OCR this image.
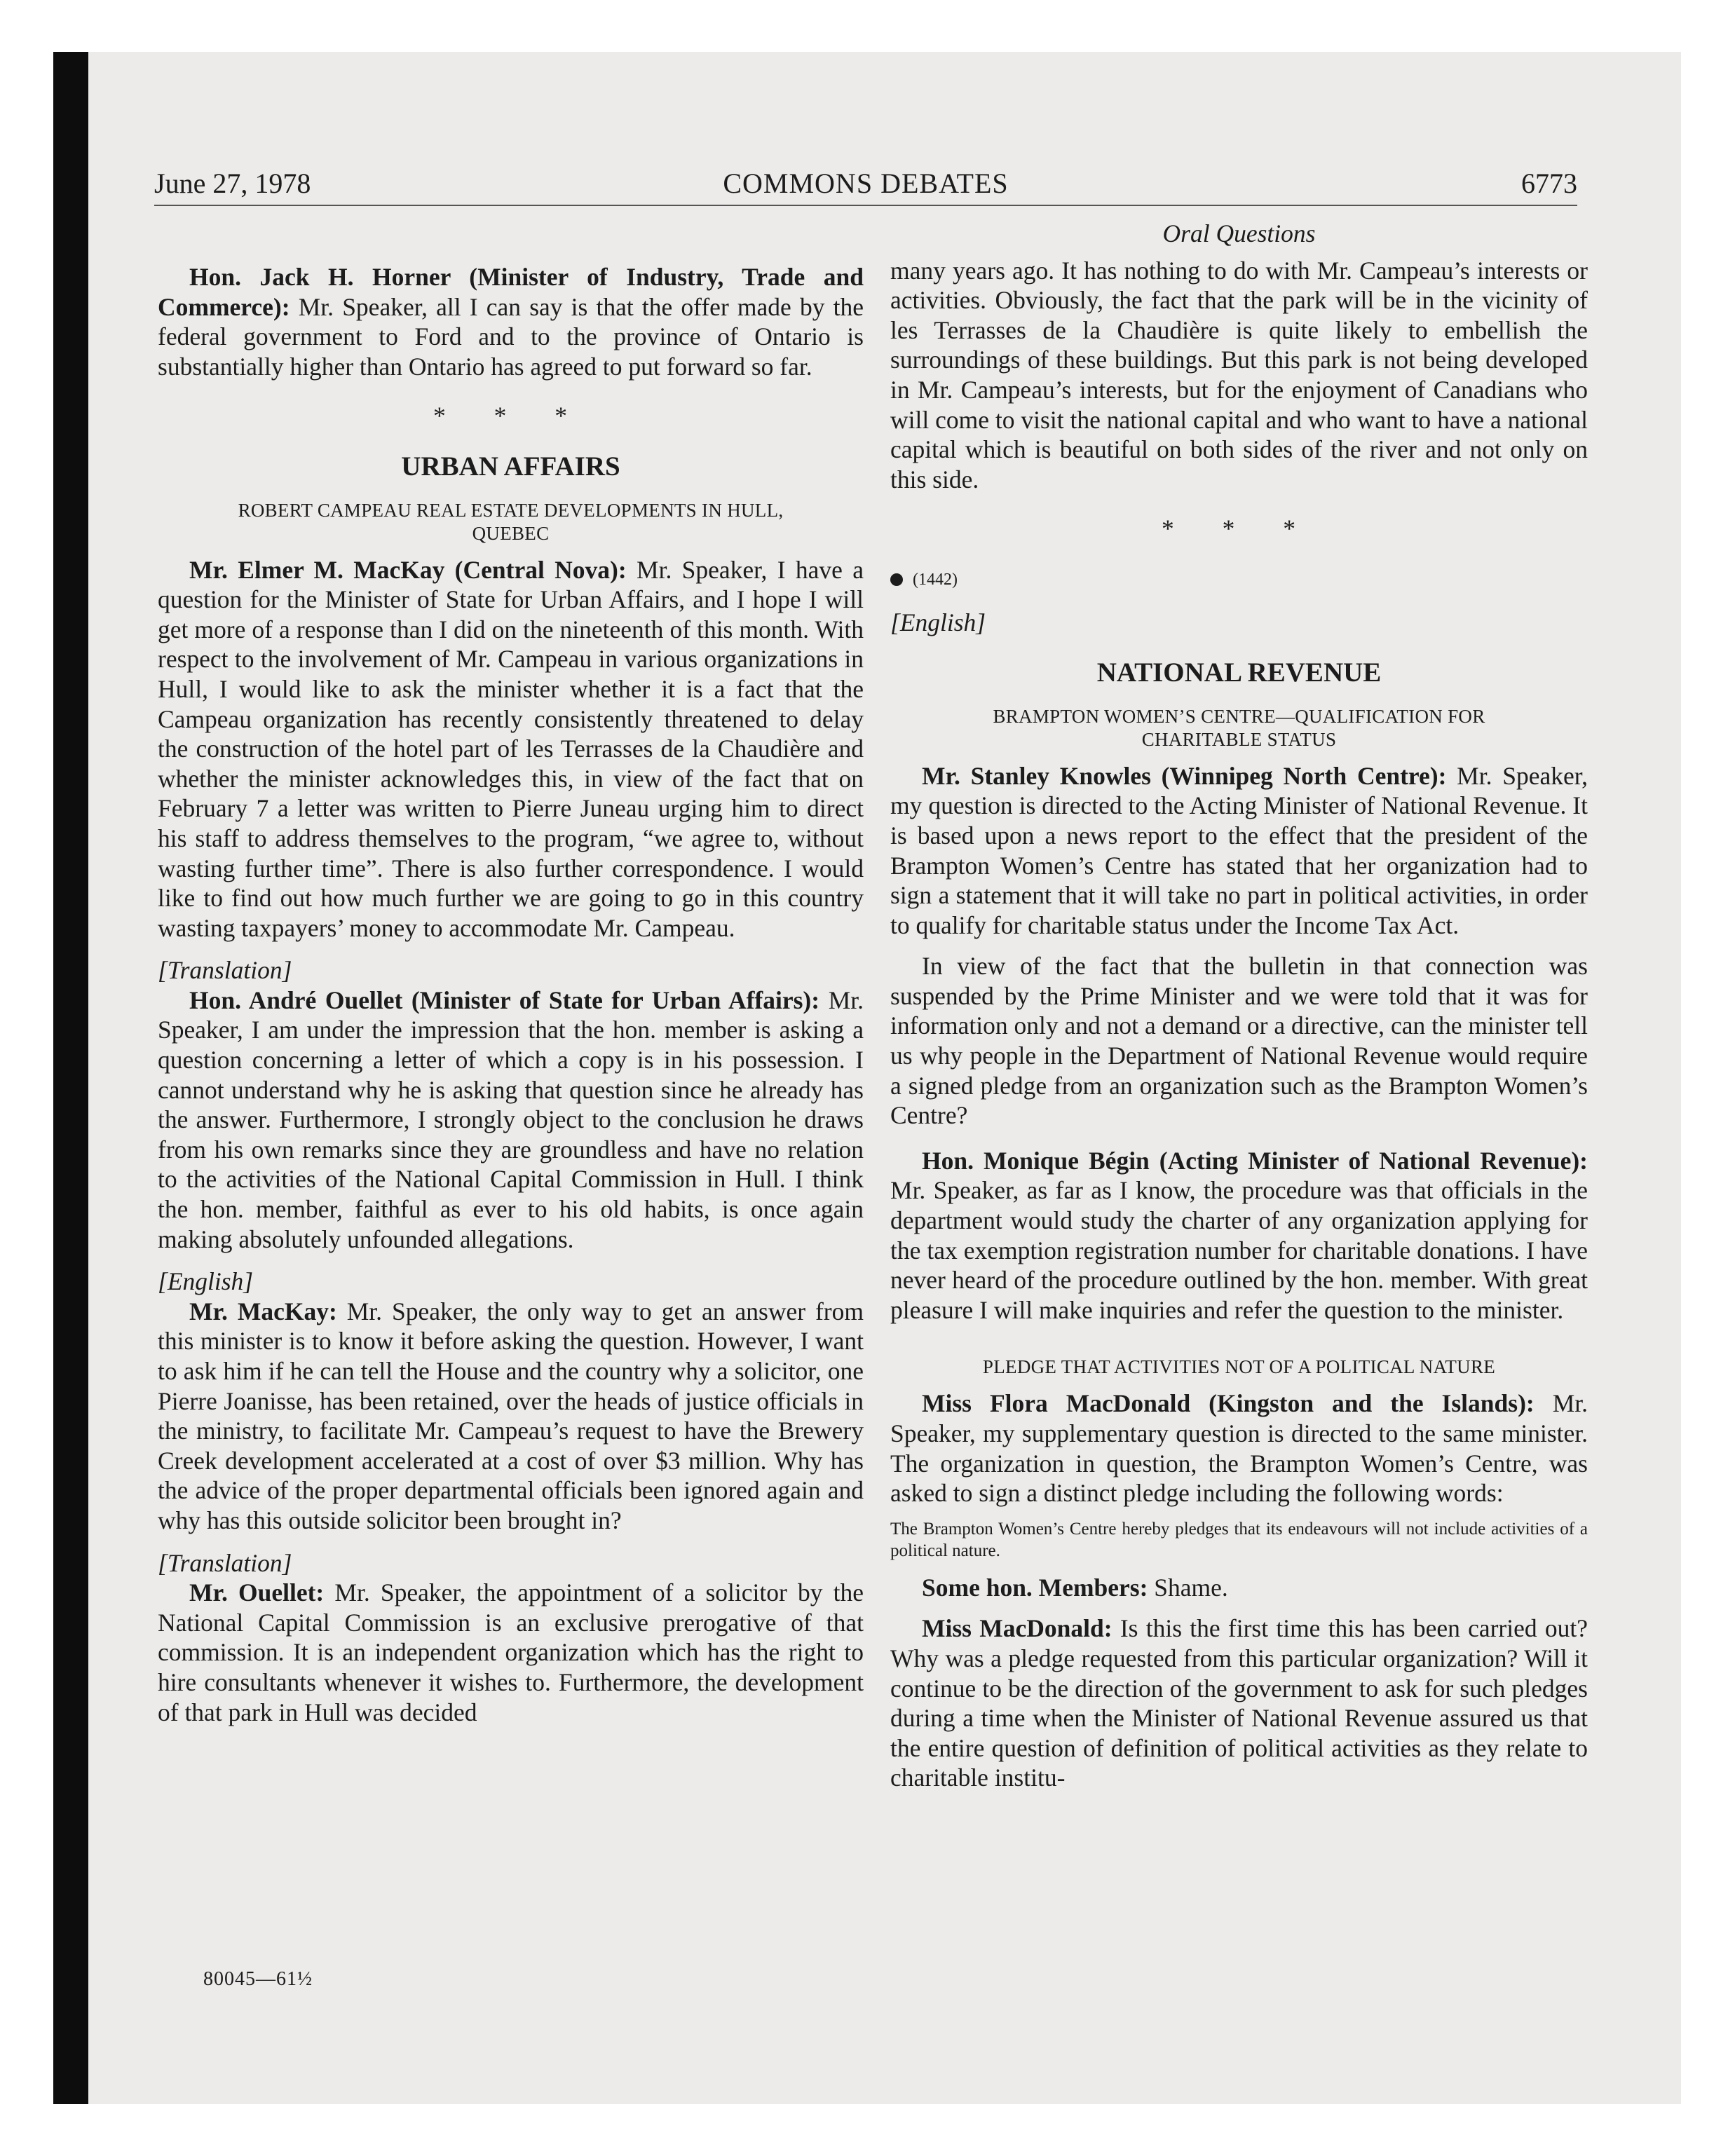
June 27, 1978	COMMONS DEBATES	6773

Hon. Jack H. Horner (Minister of Industry, Trade and Commerce): Mr. Speaker, all I can say is that the offer made by the federal government to Ford and to the province of Ontario is substantially higher than Ontario has agreed to put forward so far.

* * *
URBAN AFFAIRS
ROBERT CAMPEAU REAL ESTATE DEVELOPMENTS IN HULL, QUEBEC

Mr. Elmer M. MacKay (Central Nova): Mr. Speaker, I have a question for the Minister of State for Urban Affairs, and I hope I will get more of a response than I did on the nineteenth of this month. With respect to the involvement of Mr. Campeau in various organizations in Hull, I would like to ask the minister whether it is a fact that the Campeau organization has recently consistently threatened to delay the construction of the hotel part of les Terrasses de la Chaudière and whether the minister acknowledges this, in view of the fact that on February 7 a letter was written to Pierre Juneau urging him to direct his staff to address themselves to the program, “we agree to, without wasting further time”. There is also further correspondence. I would like to find out how much further we are going to go in this country wasting taxpayers’ money to accommodate Mr. Campeau.

[Translation]

Hon. André Ouellet (Minister of State for Urban Affairs): Mr. Speaker, I am under the impression that the hon. member is asking a question concerning a letter of which a copy is in his possession. I cannot understand why he is asking that question since he already has the answer. Furthermore, I strongly object to the conclusion he draws from his own remarks since they are groundless and have no relation to the activities of the National Capital Commission in Hull. I think the hon. member, faithful as ever to his old habits, is once again making absolutely unfounded allegations.

[English]

Mr. MacKay: Mr. Speaker, the only way to get an answer from this minister is to know it before asking the question. However, I want to ask him if he can tell the House and the country why a solicitor, one Pierre Joanisse, has been retained, over the heads of justice officials in the ministry, to facilitate Mr. Campeau’s request to have the Brewery Creek development accelerated at a cost of over $3 million. Why has the advice of the proper departmental officials been ignored again and why has this outside solicitor been brought in?

[Translation]

Mr. Ouellet: Mr. Speaker, the appointment of a solicitor by the National Capital Commission is an exclusive prerogative of that commission. It is an independent organization which has the right to hire consultants whenever it wishes to. Furthermore, the development of that park in Hull was decided

Oral Questions

many years ago. It has nothing to do with Mr. Campeau’s interests or activities. Obviously, the fact that the park will be in the vicinity of les Terrasses de la Chaudière is quite likely to embellish the surroundings of these buildings. But this park is not being developed in Mr. Campeau’s interests, but for the enjoyment of Canadians who will come to visit the national capital and who want to have a national capital which is beautiful on both sides of the river and not only on this side.

* * *
(1442)

[English]

NATIONAL REVENUE
BRAMPTON WOMEN’S CENTRE—QUALIFICATION FOR CHARITABLE STATUS

Mr. Stanley Knowles (Winnipeg North Centre): Mr. Speaker, my question is directed to the Acting Minister of National Revenue. It is based upon a news report to the effect that the president of the Brampton Women’s Centre has stated that her organization had to sign a statement that it will take no part in political activities, in order to qualify for charitable status under the Income Tax Act.

In view of the fact that the bulletin in that connection was suspended by the Prime Minister and we were told that it was for information only and not a demand or a directive, can the minister tell us why people in the Department of National Revenue would require a signed pledge from an organization such as the Brampton Women’s Centre?

Hon. Monique Bégin (Acting Minister of National Revenue): Mr. Speaker, as far as I know, the procedure was that officials in the department would study the charter of any organization applying for the tax exemption registration number for charitable donations. I have never heard of the procedure outlined by the hon. member. With great pleasure I will make inquiries and refer the question to the minister.

PLEDGE THAT ACTIVITIES NOT OF A POLITICAL NATURE

Miss Flora MacDonald (Kingston and the Islands): Mr. Speaker, my supplementary question is directed to the same minister. The organization in question, the Brampton Women’s Centre, was asked to sign a distinct pledge including the following words:

The Brampton Women’s Centre hereby pledges that its endeavours will not include activities of a political nature.

Some hon. Members: Shame.

Miss MacDonald: Is this the first time this has been carried out? Why was a pledge requested from this particular organization? Will it continue to be the direction of the government to ask for such pledges during a time when the Minister of National Revenue assured us that the entire question of definition of political activities as they relate to charitable institu-

80045—61½
